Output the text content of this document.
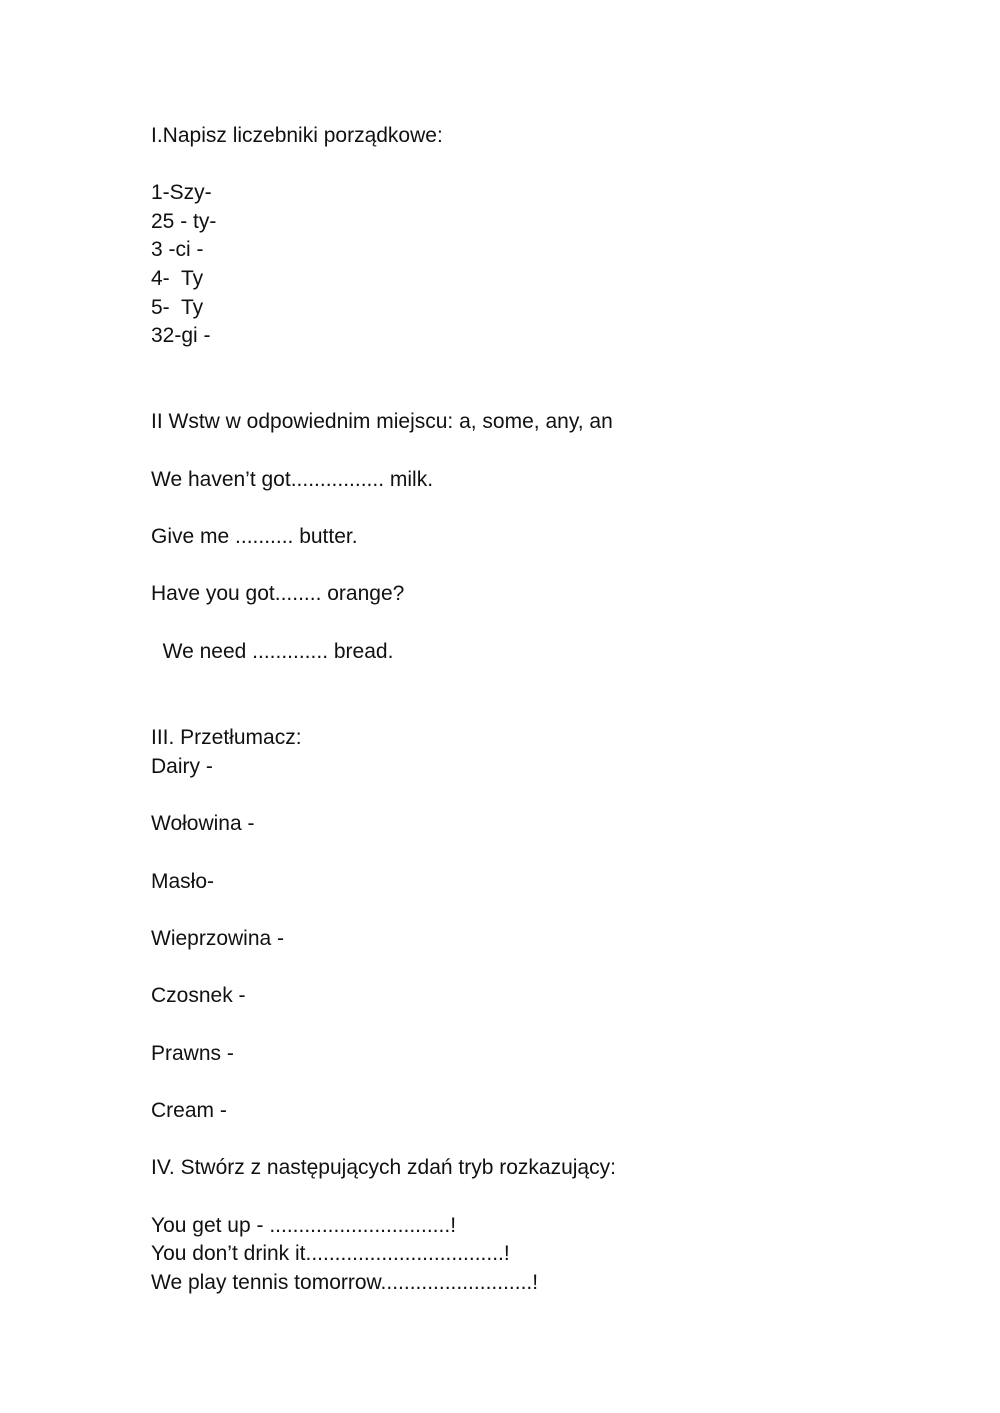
I.Napisz liczebniki porządkowe:
1-Szy-
25 - ty-
3 -ci -
4-  Ty
5-  Ty
32-gi -
II Wstw w odpowiednim miejscu: a, some, any, an
We haven’t got................ milk.
Give me .......... butter.
Have you got........ orange?
We need ............. bread.
III. Przetłumacz:
Dairy -
Wołowina -
Masło-
Wieprzowina -
Czosnek -
Prawns -
Cream -
IV. Stwórz z następujących zdań tryb rozkazujący:
You get up - ...............................!
You don’t drink it..................................!
We play tennis tomorrow..........................!
